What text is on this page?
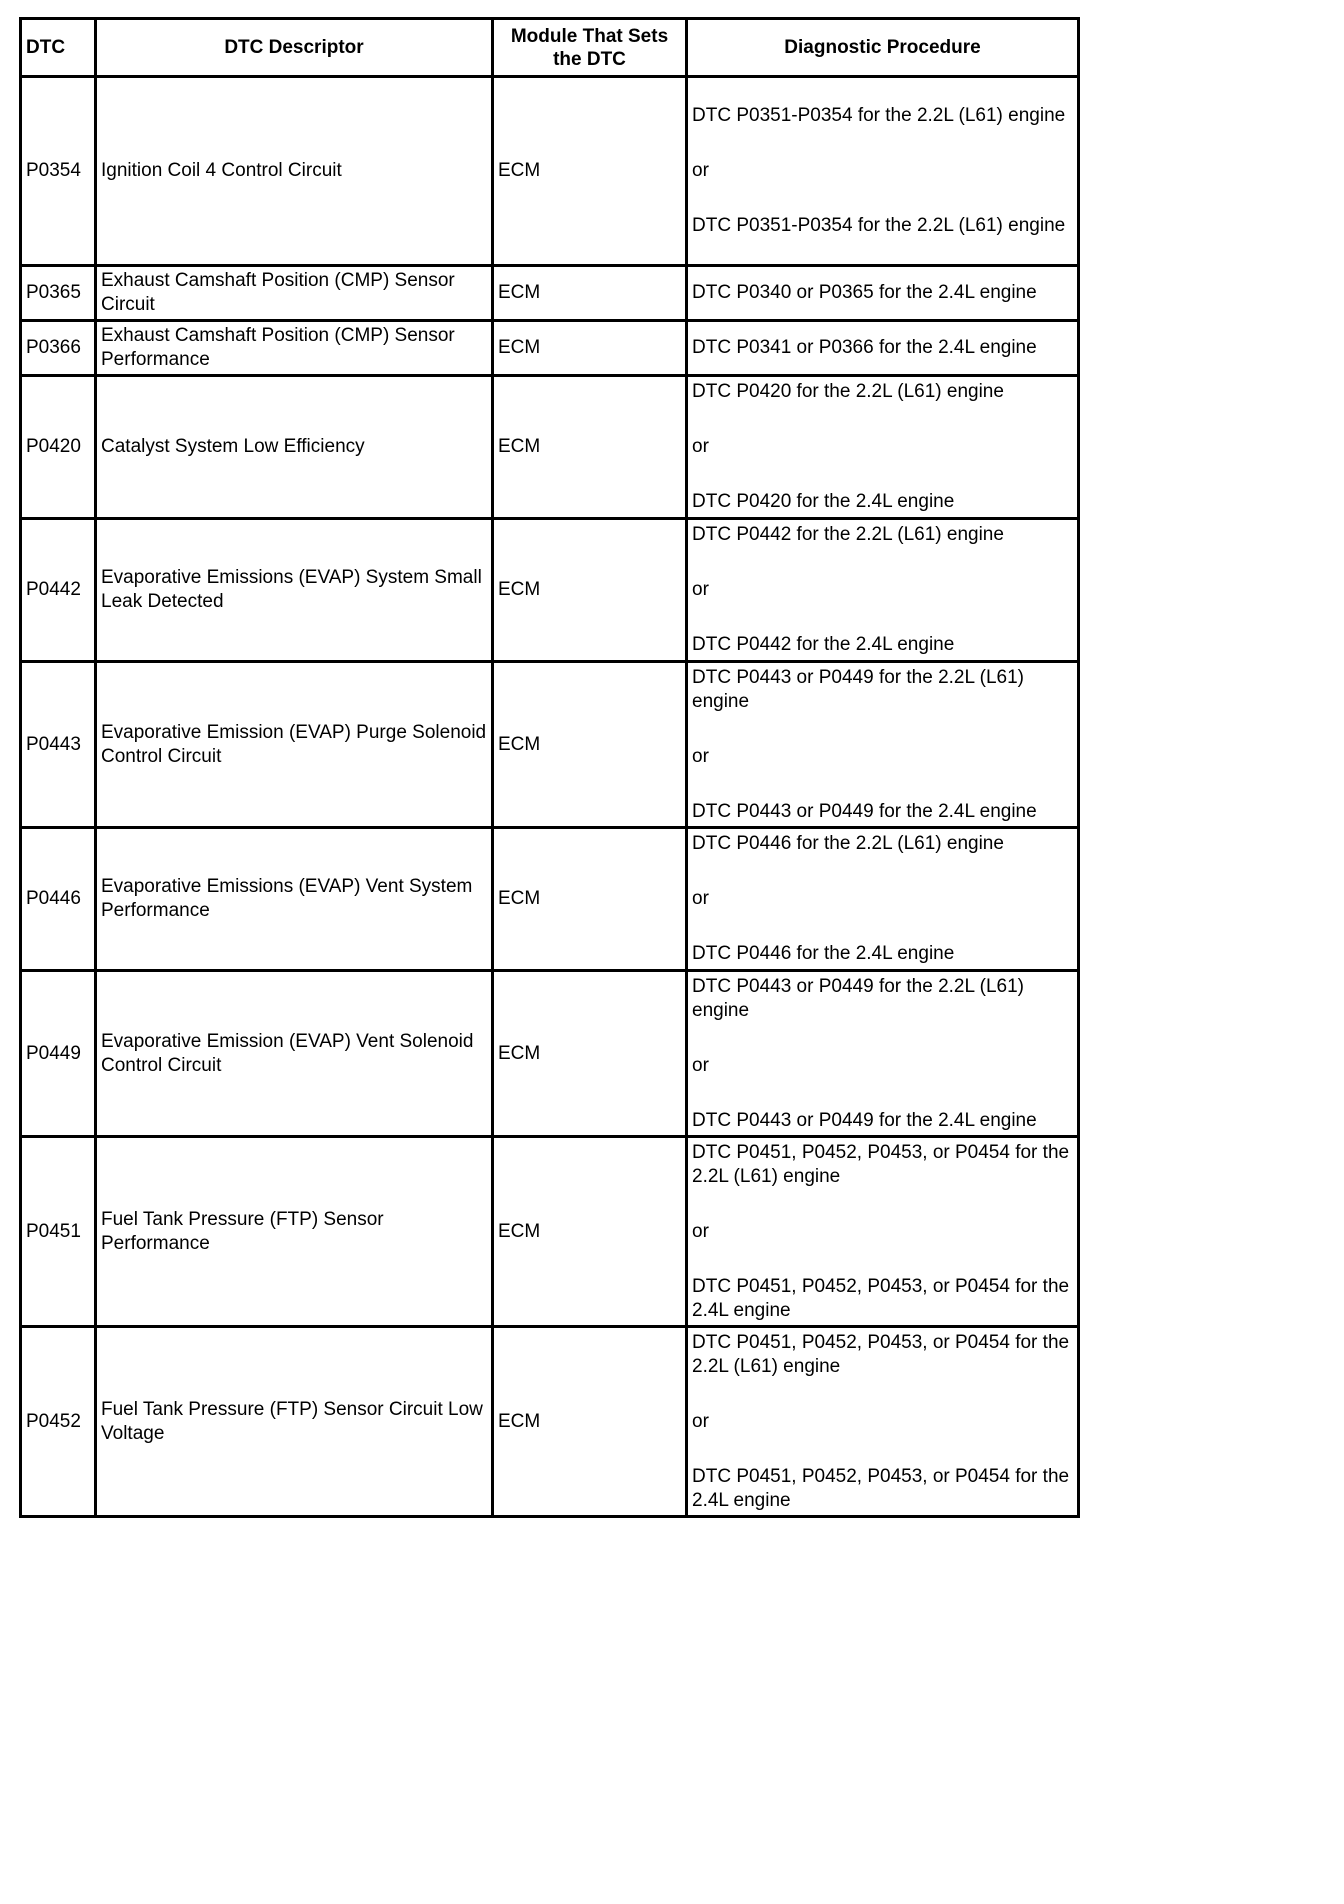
DTC	DTC Descriptor	Module That Sets the DTC	Diagnostic Procedure
P0354	Ignition Coil 4 Control Circuit	ECM	DTC P0351-P0354 for the 2.2L (L61) engine
or
DTC P0351-P0354 for the 2.2L (L61) engine

P0365	Exhaust Camshaft Position (CMP) Sensor Circuit	ECM	DTC P0340 or P0365 for the 2.4L engine

P0366	Exhaust Camshaft Position (CMP) Sensor Performance	ECM	DTC P0341 or P0366 for the 2.4L engine

P0420	Catalyst System Low Efficiency	ECM	DTC P0420 for the 2.2L (L61) engine
or
DTC P0420 for the 2.4L engine

P0442	Evaporative Emissions (EVAP) System Small Leak Detected	ECM	DTC P0442 for the 2.2L (L61) engine
or
DTC P0442 for the 2.4L engine

P0443	Evaporative Emission (EVAP) Purge Solenoid Control Circuit	ECM	DTC P0443 or P0449 for the 2.2L (L61) engine
or
DTC P0443 or P0449 for the 2.4L engine

P0446	Evaporative Emissions (EVAP) Vent System Performance	ECM	DTC P0446 for the 2.2L (L61) engine
or
DTC P0446 for the 2.4L engine

P0449	Evaporative Emission (EVAP) Vent Solenoid Control Circuit	ECM	DTC P0443 or P0449 for the 2.2L (L61) engine
or
DTC P0443 or P0449 for the 2.4L engine

P0451	Fuel Tank Pressure (FTP) Sensor Performance	ECM	DTC P0451, P0452, P0453, or P0454 for the 2.2L (L61) engine
or
DTC P0451, P0452, P0453, or P0454 for the 2.4L engine

P0452	Fuel Tank Pressure (FTP) Sensor Circuit Low Voltage	ECM	DTC P0451, P0452, P0453, or P0454 for the 2.2L (L61) engine
or
DTC P0451, P0452, P0453, or P0454 for the 2.4L engine
